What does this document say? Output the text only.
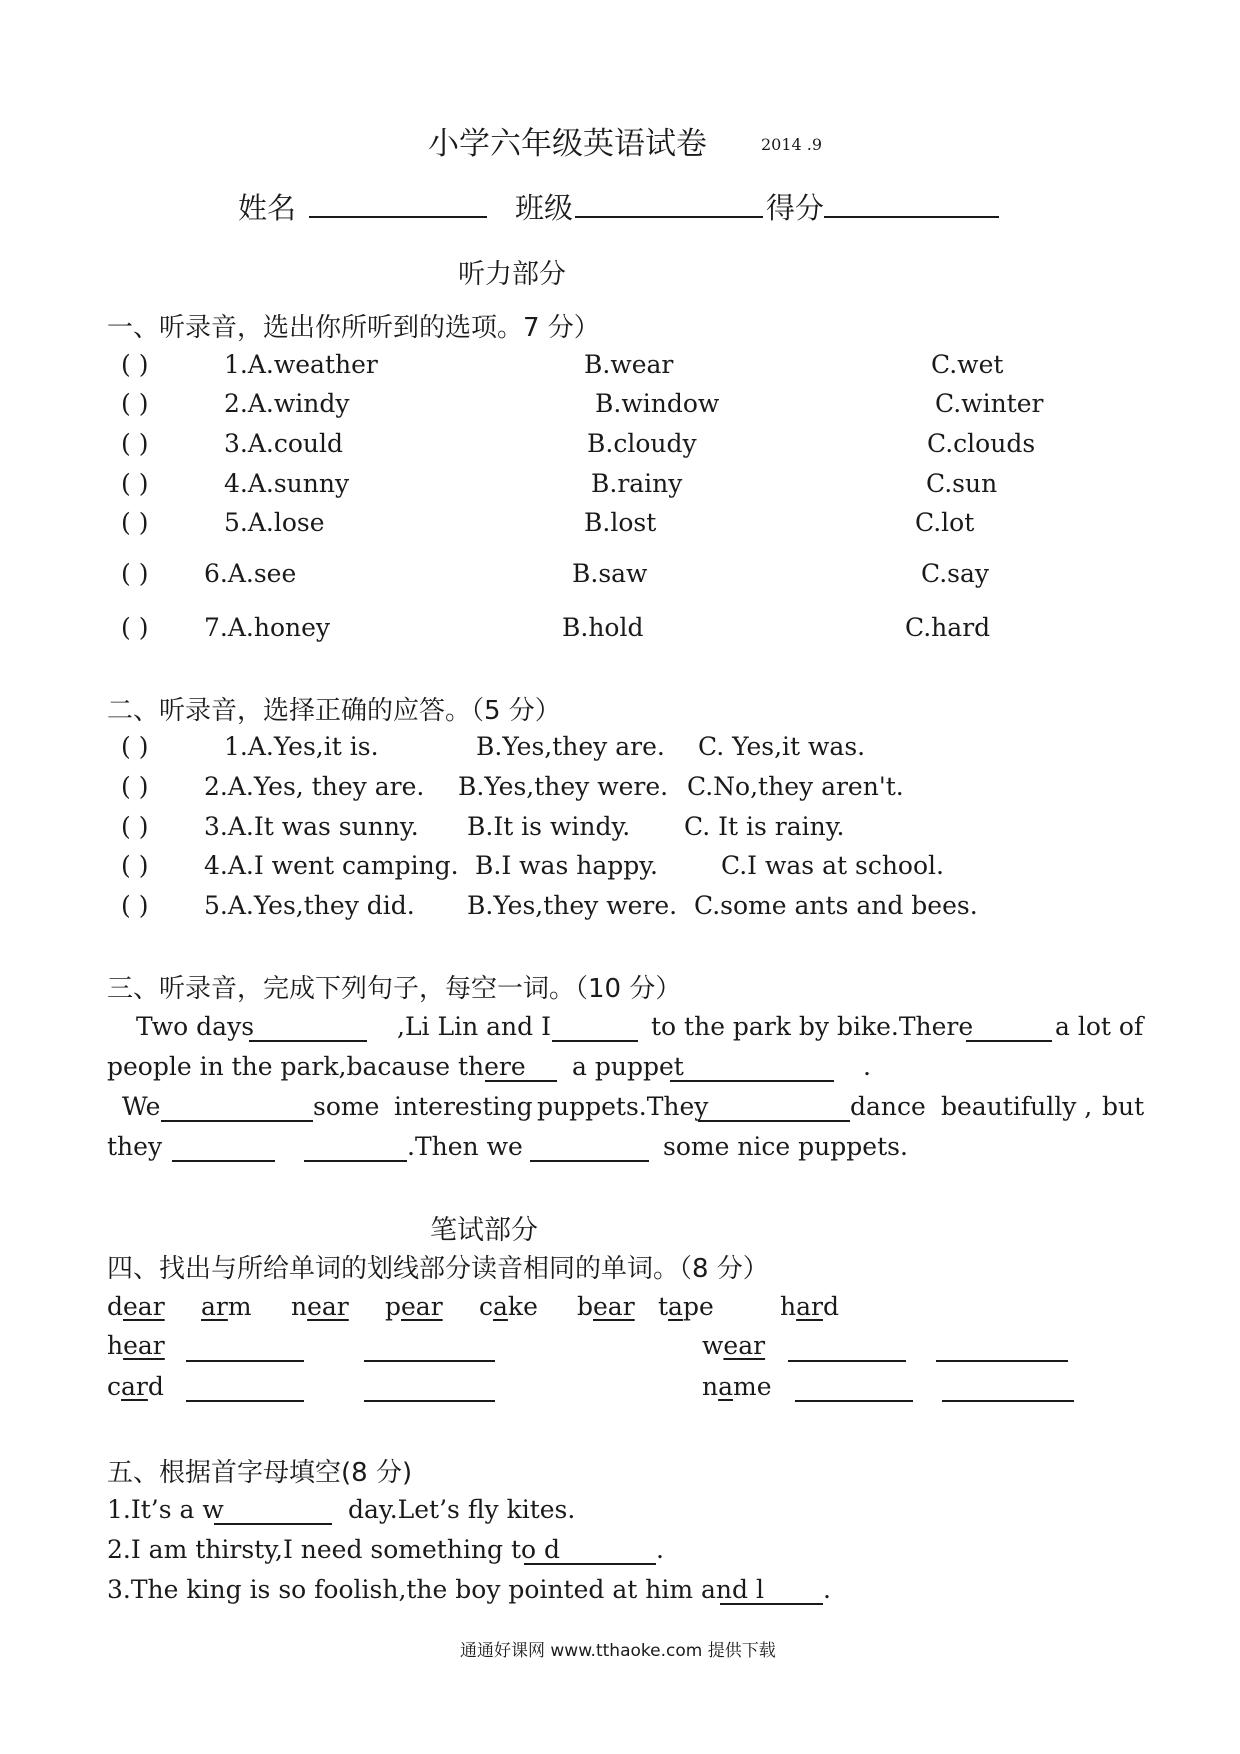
小学六年级英语试卷	2014 .9
姓名	班级	得分
听力部分
一、听录音，选出你所听到的选项。7 分）
( )	1.A.weather	B.wear	C.wet
( )	2.A.windy	B.window	C.winter
( )	3.A.could	B.cloudy	C.clouds
( )	4.A.sunny	B.rainy	C.sun
( )	5.A.lose	B.lost	C.lot
( ) 6.A.see	B.saw	C.say
( ) 7.A.honey	B.hold	C.hard
二、听录音，选择正确的应答。（5 分）
( )	1.A.Yes,it is.	B.Yes,they are. C. Yes,it was.
( ) 2.A.Yes, they are. B.Yes,they were. C.No,they aren't.
( ) 3.A.It was sunny. B.It is windy. C. It is rainy.
( ) 4.A.I went camping. B.I was happy.	C.I was at school.
( ) 5.A.Yes,they did. B.Yes,they were. C.some ants and bees.
三、听录音，完成下列句子，每空一词。（10 分）
Two days	,Li Lin and I	to the park by bike.There	a lot of
people in the park,bacause there a puppet	.
We	some interesting puppets.They	dance beautifully , but
they	.Then we	some nice puppets.
笔试部分
四、找出与所给单词的划线部分读音相同的单词。（8 分）
dear arm near pear cake bear tape	hard
hear	wear
card	name
五、根据首字母填空(8 分)
1.It’s a w	day.Let’s fly kites.
2.I am thirsty,I need something to d	.
3.The king is so foolish,the boy pointed at him and l .
通通好课网 www.tthaoke.com 提供下载
